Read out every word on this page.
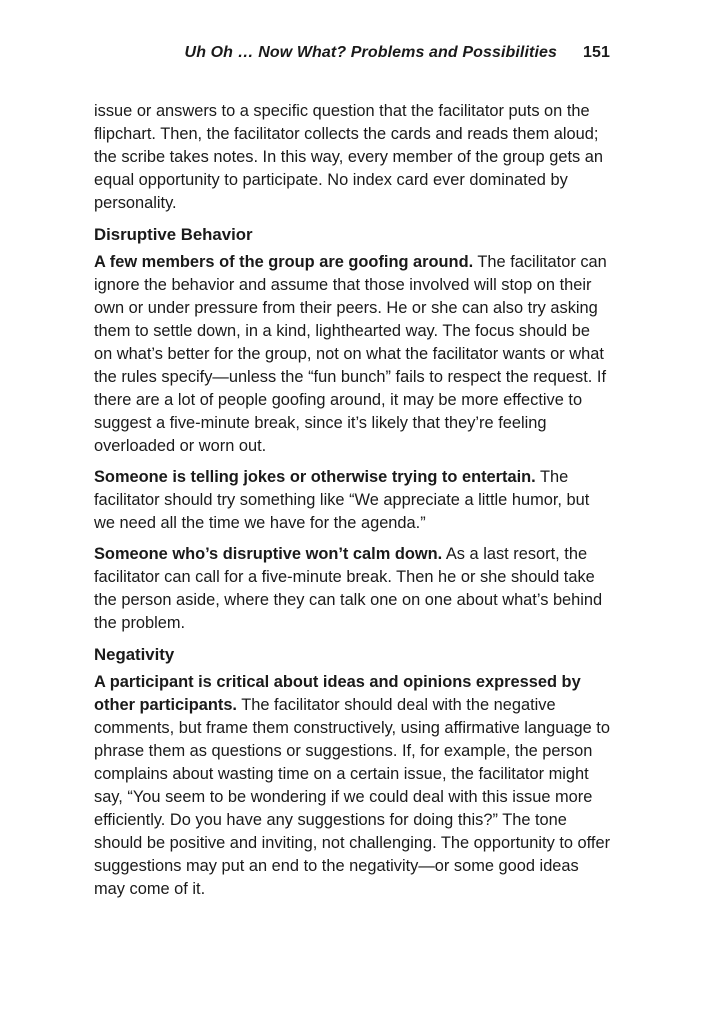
Uh Oh … Now What? Problems and Possibilities 151

issue or answers to a specific question that the facilitator puts on the flipchart. Then, the facilitator collects the cards and reads them aloud; the scribe takes notes. In this way, every member of the group gets an equal opportunity to participate. No index card ever dominated by personality.

Disruptive Behavior

A few members of the group are goofing around. The facilitator can ignore the behavior and assume that those involved will stop on their own or under pressure from their peers. He or she can also try asking them to settle down, in a kind, lighthearted way. The focus should be on what’s better for the group, not on what the facilitator wants or what the rules specify—unless the “fun bunch” fails to respect the request. If there are a lot of people goofing around, it may be more effective to suggest a five-minute break, since it’s likely that they’re feeling overloaded or worn out.

Someone is telling jokes or otherwise trying to entertain. The facilitator should try something like “We appreciate a little humor, but we need all the time we have for the agenda.”

Someone who’s disruptive won’t calm down. As a last resort, the facilitator can call for a five-minute break. Then he or she should take the person aside, where they can talk one on one about what’s behind the problem.

Negativity

A participant is critical about ideas and opinions expressed by other participants. The facilitator should deal with the negative comments, but frame them constructively, using affirmative language to phrase them as questions or suggestions. If, for example, the person complains about wasting time on a certain issue, the facilitator might say, “You seem to be wondering if we could deal with this issue more efficiently. Do you have any suggestions for doing this?” The tone should be positive and inviting, not challenging. The opportunity to offer suggestions may put an end to the negativity—or some good ideas may come of it.
